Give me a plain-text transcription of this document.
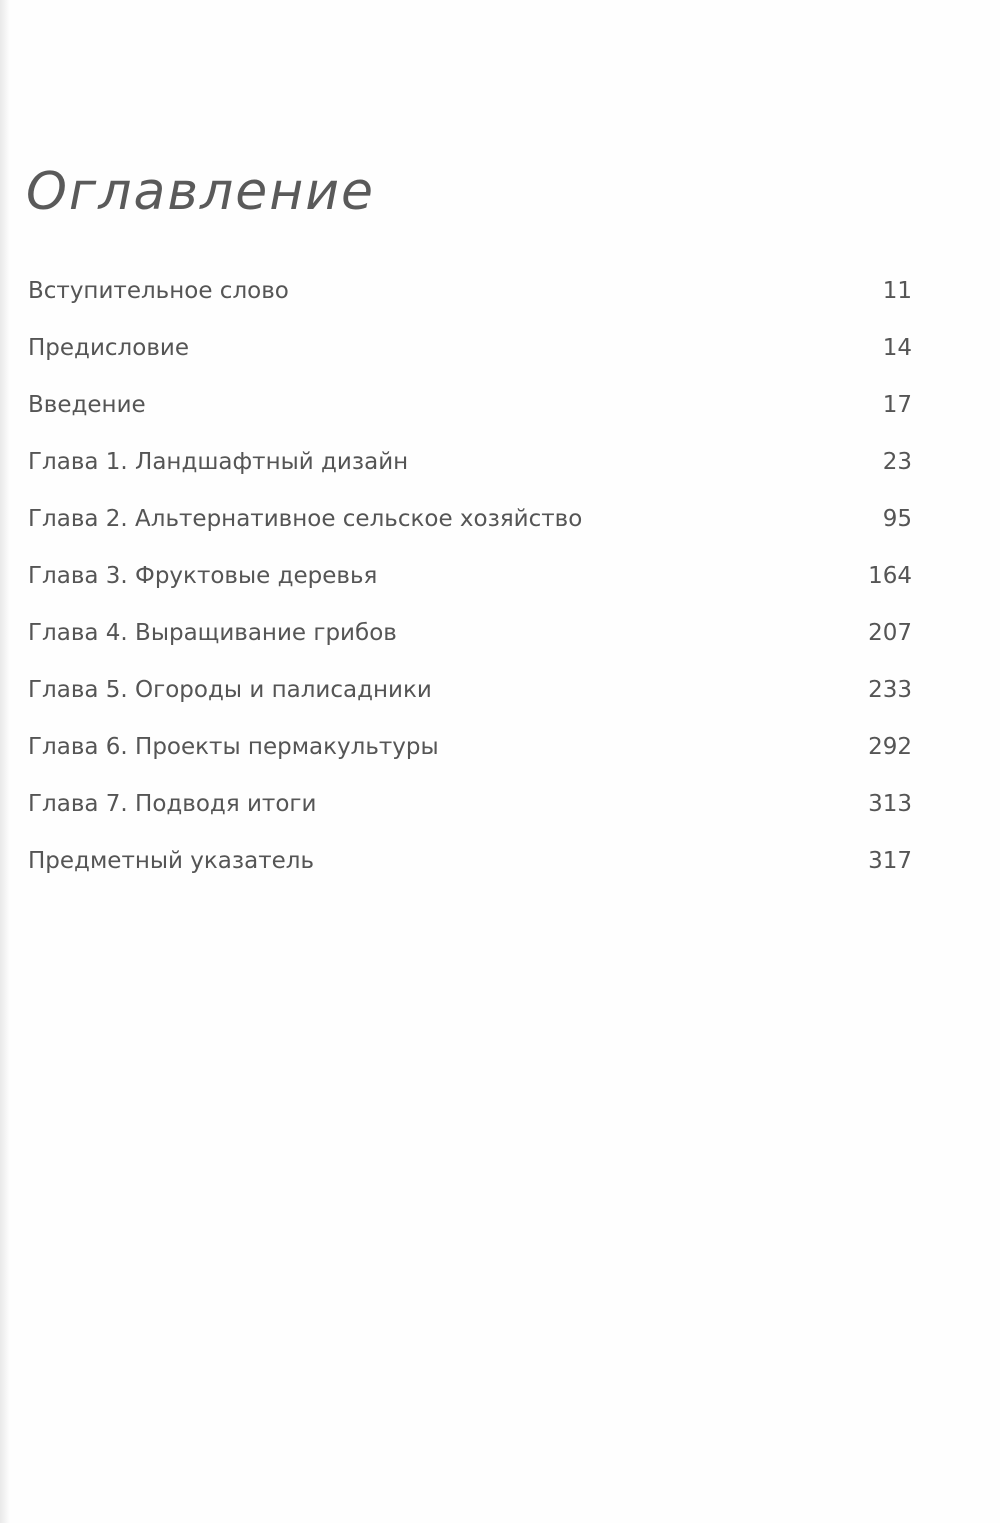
Оглавление
Вступительное слово	11
Предисловие	14
Введение	17
Глава 1. Ландшафтный дизайн	23
Глава 2. Альтернативное сельское хозяйство	95
Глава 3. Фруктовые деревья	164
Глава 4. Выращивание грибов	207
Глава 5. Огороды и палисадники	233
Глава 6. Проекты пермакультуры	292
Глава 7. Подводя итоги	313
Предметный указатель	317
